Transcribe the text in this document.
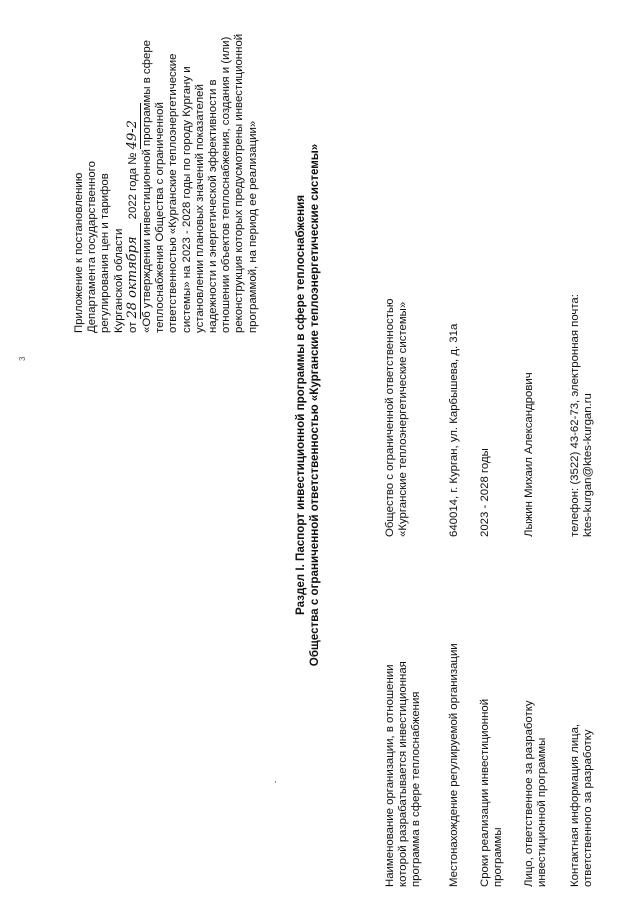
3
Приложение к постановлению Департамента государственного регулирования цен и тарифов Курганской области от 28 октября 2022 года № 49-2 «Об утверждении инвестиционной программы в сфере теплоснабжения Общества с ограниченной ответственностью «Курганские теплоэнергетические системы» на 2023 - 2028 годы по городу Кургану и установлении плановых значений показателей надежности и энергетической эффективности в отношении объектов теплоснабжения, создания и (или) реконструкция которых предусмотрены инвестиционной программой, на период ее реализации»	Раздел I. Паспорт инвестиционной программы в сфере теплоснабжения Общества с ограниченной ответственностью «Курганские теплоэнергетические системы»
Наименование организации, в отношении которой разрабатывается инвестиционная программа в сфере теплоснабжения
Общество с ограниченной ответственностью «Курганские теплоэнергетические системы»
Местонахождение регулируемой организации
640014, г. Курган, ул. Карбышева, д. 31а
Сроки реализации инвестиционной программы
2023 - 2028 годы
Лицо, ответственное за разработку инвестиционной программы
Лыжин Михаил Александрович
Контактная информация лица, ответственного за разработку
телефон: (3522) 43-62-73, электронная почта: ktes-kurgan@ktes-kurgan.ru
